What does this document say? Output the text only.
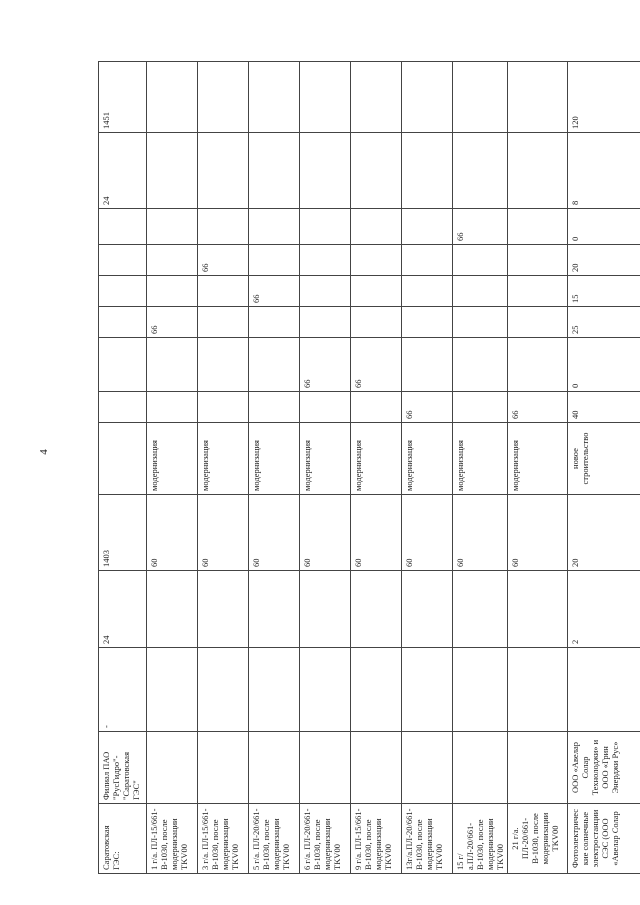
4
Саратовская ГЭС:	Филиал ПАО "РусГидро"- "Саратовская ГЭС"	-	24	1403								24	1451
1 г/а. ПЛ-15/661-В-1030, после модернизации TKV00				60	модернизация			66					
3 г/а. ПЛ-15/661-В-1030, после модернизации TKV00				60	модернизация					66			
5 г/а. ПЛ-20/661-В-1030, после модернизации TKV00				60	модернизация				66				
6 г/а. ПЛ-20/661-В-1030, после модернизации TKV00				60	модернизация		66						
9 г/а. ПЛ-15/661-В-1030, после модернизации TKV00				60	модернизация		66						
13г/а.ПЛ-20/661-В-1030, после модернизации TKV00				60	модернизация	66							
15 г/а.ПЛ-20/661-В-1030, после модернизации TKV00				60	модернизация						66		
21 г/а. ПЛ-20/661-В-1030, после модернизации TKV00				60	модернизация	66							
Фотоэлектрические солнечные электростанции СЭС (ООО «Авелар Солар	ООО «Авелар Солар Технолоджи» и ООО «Грин Энерджи Рус»		2	20	новое строительство	40	0	25	15	20	0	8	120
